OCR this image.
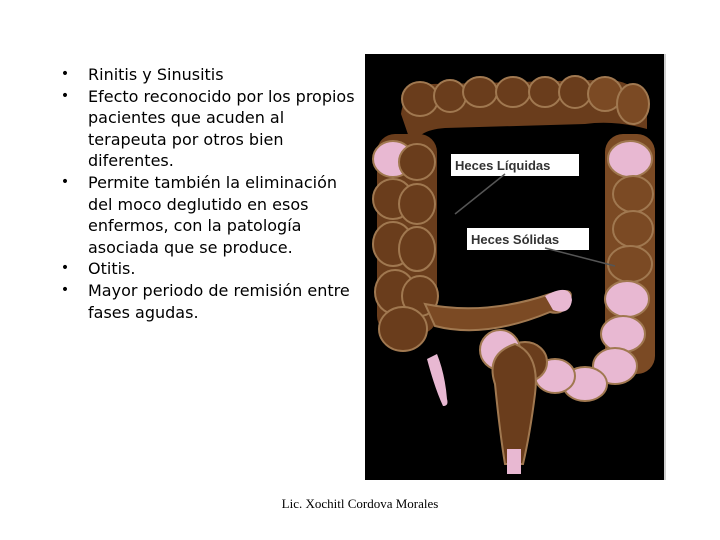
• Rinitis y Sinusitis
• Efecto reconocido por los propios pacientes que acuden al terapeuta por otros bien diferentes.
• Permite también la eliminación del moco deglutido en esos enfermos, con la patología asociada que se produce.
• Otitis.
• Mayor periodo de remisión entre fases agudas.
Heces Líquidas
Heces Sólidas
Lic. Xochitl Cordova Morales
